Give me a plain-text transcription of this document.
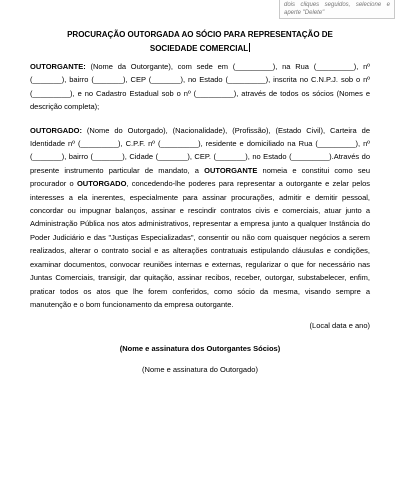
dois cliques seguidos, selecione e aperte "Delete"
PROCURAÇÃO OUTORGADA AO SÓCIO PARA REPRESENTAÇÃO DE
SOCIEDADE COMERCIAL

OUTORGANTE: (Nome da Outorgante), com sede em (_________), na Rua (_________), nº (_______), bairro (_______), CEP (_______), no Estado (_________), inscrita no C.N.P.J. sob o nº (_________), e no Cadastro Estadual sob o nº (_________), através de todos os sócios (Nomes e descrição completa);

OUTORGADO: (Nome do Outorgado), (Nacionalidade), (Profissão), (Estado Civil), Carteira de Identidade nº (_________), C.P.F. nº (_________), residente e domiciliado na Rua (_________), nº (_______), bairro (_______), Cidade (_______), CEP. (_______), no Estado (_________).Através do presente instrumento particular de mandato, a OUTORGANTE nomeia e constitui como seu procurador o OUTORGADO, concedendo-lhe poderes para representar a outorgante e zelar pelos interesses a ela inerentes, especialmente para assinar procurações, admitir e demitir pessoal, concordar ou impugnar balanços, assinar e rescindir contratos civis e comerciais, atuar junto a Administração Pública nos atos administrativos, representar a empresa junto a qualquer Instância do Poder Judiciário e das "Justiças Especializadas", consentir ou não com quaisquer negócios a serem realizados, alterar o contrato social e as alterações contratuais estipulando cláusulas e condições, examinar documentos, convocar reuniões internas e externas, regularizar o que for necessário nas Juntas Comerciais, transigir, dar quitação, assinar recibos, receber, outorgar, substabelecer, enfim, praticar todos os atos que lhe forem conferidos, como sócio da mesma, visando sempre a manutenção e o bom funcionamento da empresa outorgante.

(Local data e ano)

(Nome e assinatura dos Outorgantes Sócios)
(Nome e assinatura do Outorgado)
